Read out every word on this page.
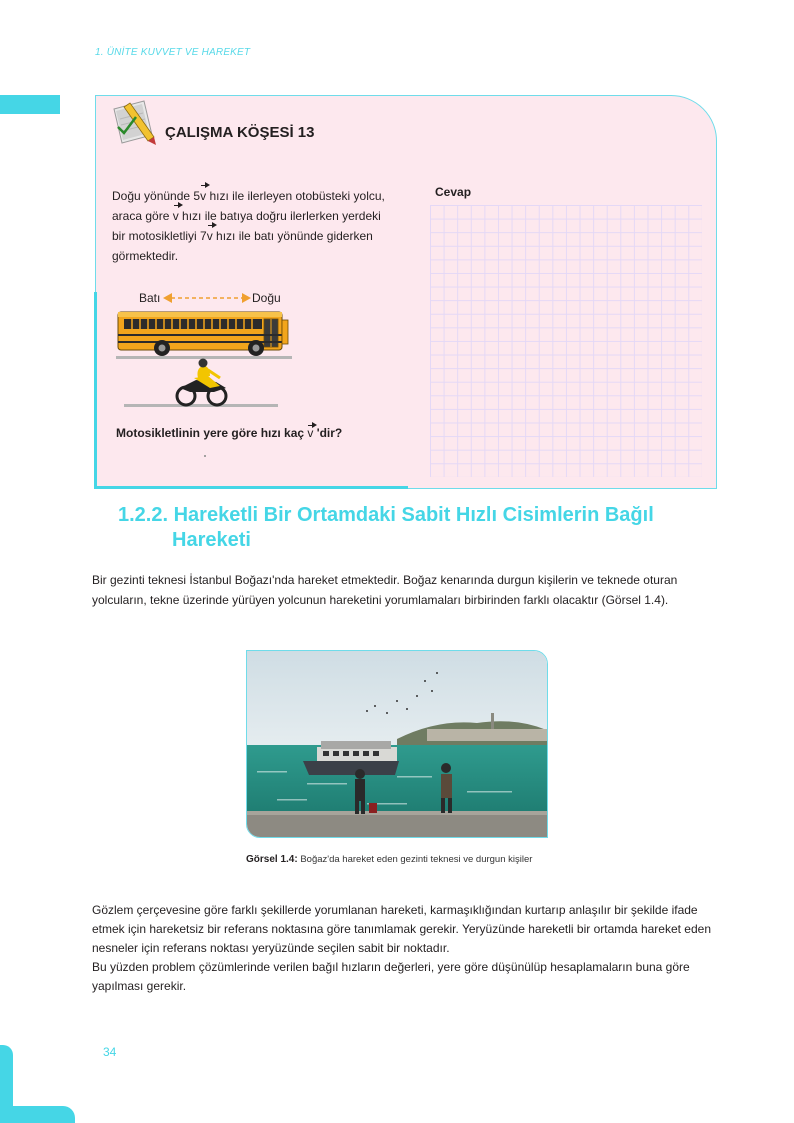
1. ÜNİTE KUVVET VE HAREKET
ÇALIŞMA KÖŞESİ 13
Cevap
Doğu yönünde 5v hızı ile ilerleyen otobüsteki yolcu, araca göre v hızı ile batıya doğru ilerlerken yerdeki bir motosikletliyi 7v hızı ile batı yönünde giderken görmektedir.
Batı	Doğu
Motosikletlinin yere göre hızı kaç v 'dir?
1.2.2. Hareketli Bir Ortamdaki Sabit Hızlı Cisimlerin Bağıl
Hareketi
Bir gezinti teknesi İstanbul Boğazı'nda hareket etmektedir. Boğaz kenarında durgun kişilerin ve teknede oturan yolcuların, tekne üzerinde yürüyen yolcunun hareketini yorumlamaları birbirinden farklı olacaktır (Görsel 1.4).
Görsel 1.4: Boğaz'da hareket eden gezinti teknesi ve durgun kişiler
Gözlem çerçevesine göre farklı şekillerde yorumlanan hareketi, karmaşıklığından kurtarıp anlaşılır bir şekilde ifade etmek için hareketsiz bir referans noktasına göre tanımlamak gerekir. Yeryüzünde hareketli bir ortamda hareket eden nesneler için referans noktası yeryüzünde seçilen sabit bir noktadır.
Bu yüzden problem çözümlerinde verilen bağıl hızların değerleri, yere göre düşünülüp hesaplamaların buna göre yapılması gerekir.
34
